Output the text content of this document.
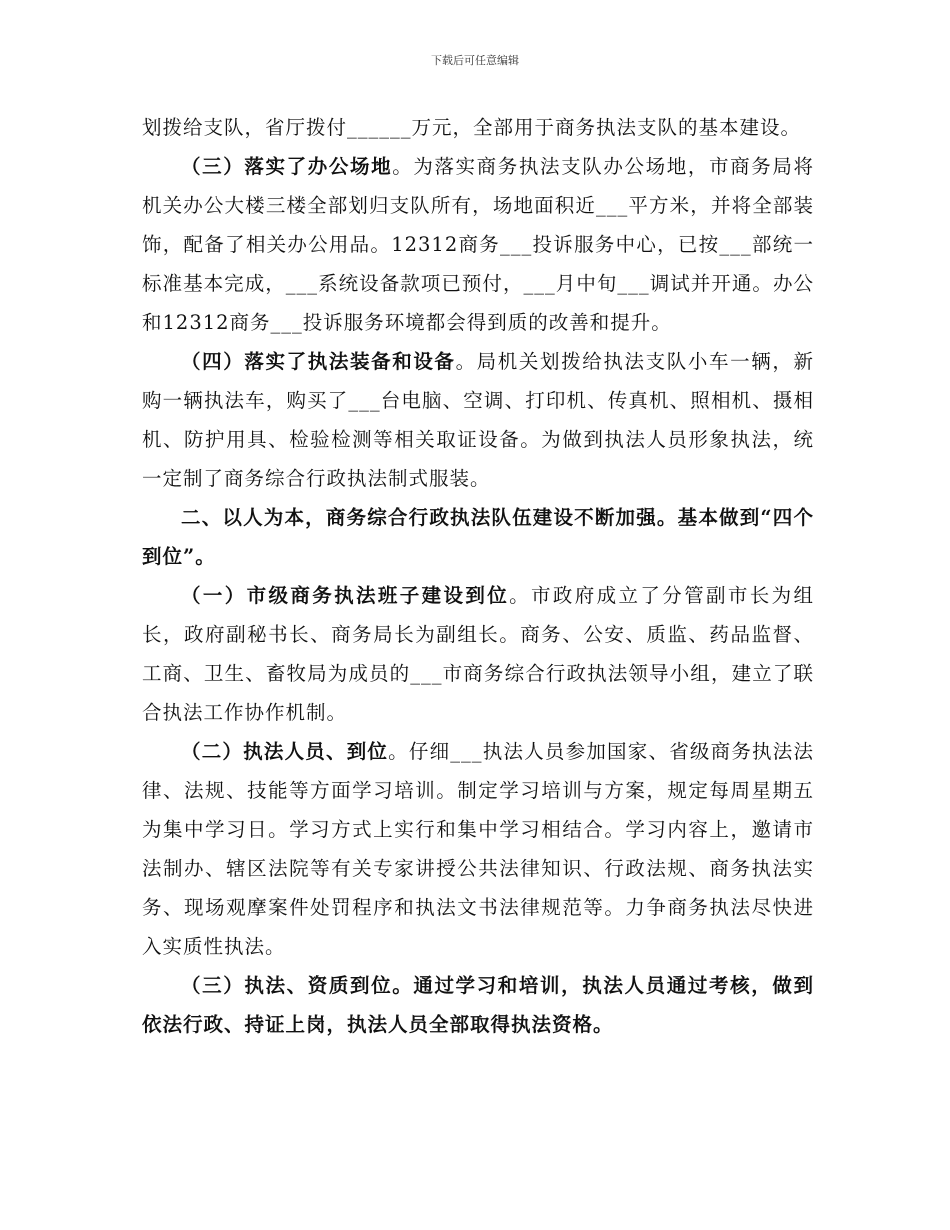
下载后可任意编辑

划拨给支队，省厅拨付______万元，全部用于商务执法支队的基本建设。

（三）落实了办公场地。为落实商务执法支队办公场地，市商务局将机关办公大楼三楼全部划归支队所有，场地面积近___平方米，并将全部装饰，配备了相关办公用品。12312商务___投诉服务中心，已按___部统一标准基本完成，___系统设备款项已预付，___月中旬___调试并开通。办公和12312商务___投诉服务环境都会得到质的改善和提升。

（四）落实了执法装备和设备。局机关划拨给执法支队小车一辆，新购一辆执法车，购买了___台电脑、空调、打印机、传真机、照相机、摄相机、防护用具、检验检测等相关取证设备。为做到执法人员形象执法，统一定制了商务综合行政执法制式服装。

二、以人为本，商务综合行政执法队伍建设不断加强。基本做到“四个到位”。

（一）市级商务执法班子建设到位。市政府成立了分管副市长为组长，政府副秘书长、商务局长为副组长。商务、公安、质监、药品监督、工商、卫生、畜牧局为成员的___市商务综合行政执法领导小组，建立了联合执法工作协作机制。

（二）执法人员、到位。仔细___执法人员参加国家、省级商务执法法律、法规、技能等方面学习培训。制定学习培训与方案，规定每周星期五为集中学习日。学习方式上实行和集中学习相结合。学习内容上，邀请市法制办、辖区法院等有关专家讲授公共法律知识、行政法规、商务执法实务、现场观摩案件处罚程序和执法文书法律规范等。力争商务执法尽快进入实质性执法。

（三）执法、资质到位。通过学习和培训，执法人员通过考核，做到依法行政、持证上岗，执法人员全部取得执法资格。
